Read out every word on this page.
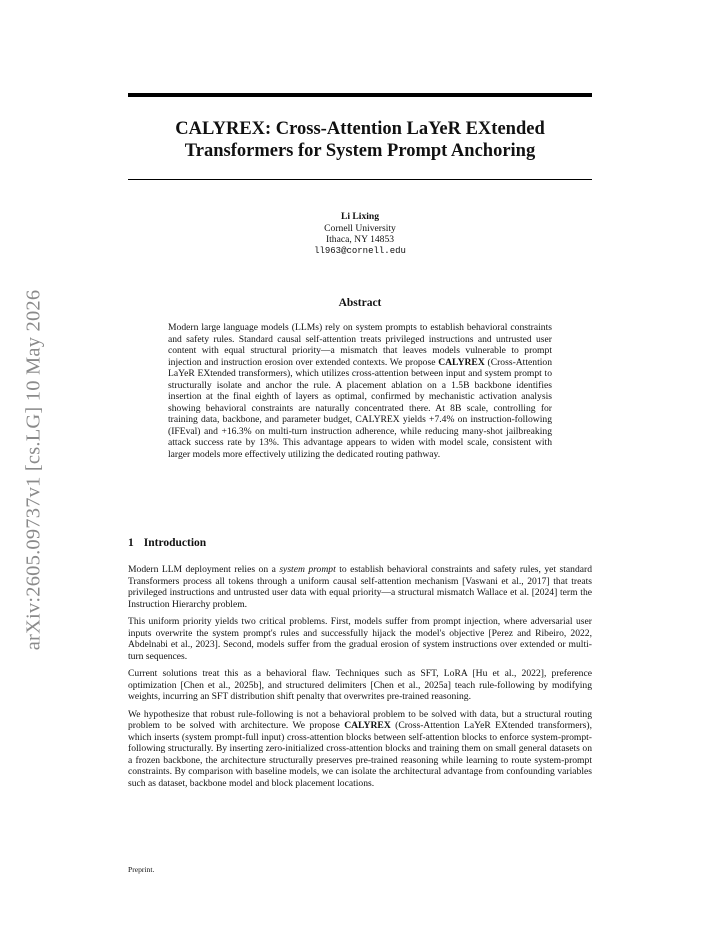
arXiv:2605.09737v1 [cs.LG] 10 May 2026
CALYREX: Cross-Attention LaYeR EXtended
Transformers for System Prompt Anchoring
Li Lixing
Cornell University
Ithaca, NY 14853
ll963@cornell.edu
Abstract
Modern large language models (LLMs) rely on system prompts to establish behavioral constraints and safety rules. Standard causal self-attention treats privileged instructions and untrusted user content with equal structural priority—a mismatch that leaves models vulnerable to prompt injection and instruction erosion over extended contexts. We propose CALYREX (Cross-Attention LaYeR EXtended transformers), which utilizes cross-attention between input and system prompt to structurally isolate and anchor the rule. A placement ablation on a 1.5B backbone identifies insertion at the final eighth of layers as optimal, confirmed by mechanistic activation analysis showing behavioral constraints are naturally concentrated there. At 8B scale, controlling for training data, backbone, and parameter budget, CALYREX yields +7.4% on instruction-following (IFEval) and +16.3% on multi-turn instruction adherence, while reducing many-shot jailbreaking attack success rate by 13%. This advantage appears to widen with model scale, consistent with larger models more effectively utilizing the dedicated routing pathway.
1 Introduction

Modern LLM deployment relies on a system prompt to establish behavioral constraints and safety rules, yet standard Transformers process all tokens through a uniform causal self-attention mechanism [Vaswani et al., 2017] that treats privileged instructions and untrusted user data with equal priority—a structural mismatch Wallace et al. [2024] term the Instruction Hierarchy problem.

This uniform priority yields two critical problems. First, models suffer from prompt injection, where adversarial user inputs overwrite the system prompt's rules and successfully hijack the model's objective [Perez and Ribeiro, 2022, Abdelnabi et al., 2023]. Second, models suffer from the gradual erosion of system instructions over extended or multi-turn sequences.

Current solutions treat this as a behavioral flaw. Techniques such as SFT, LoRA [Hu et al., 2022], preference optimization [Chen et al., 2025b], and structured delimiters [Chen et al., 2025a] teach rule-following by modifying weights, incurring an SFT distribution shift penalty that overwrites pre-trained reasoning.

We hypothesize that robust rule-following is not a behavioral problem to be solved with data, but a structural routing problem to be solved with architecture. We propose CALYREX (Cross-Attention LaYeR EXtended transformers), which inserts (system prompt-full input) cross-attention blocks between self-attention blocks to enforce system-prompt-following structurally. By inserting zero-initialized cross-attention blocks and training them on small general datasets on a frozen backbone, the architecture structurally preserves pre-trained reasoning while learning to route system-prompt constraints. By comparison with baseline models, we can isolate the architectural advantage from confounding variables such as dataset, backbone model and block placement locations.

Preprint.
